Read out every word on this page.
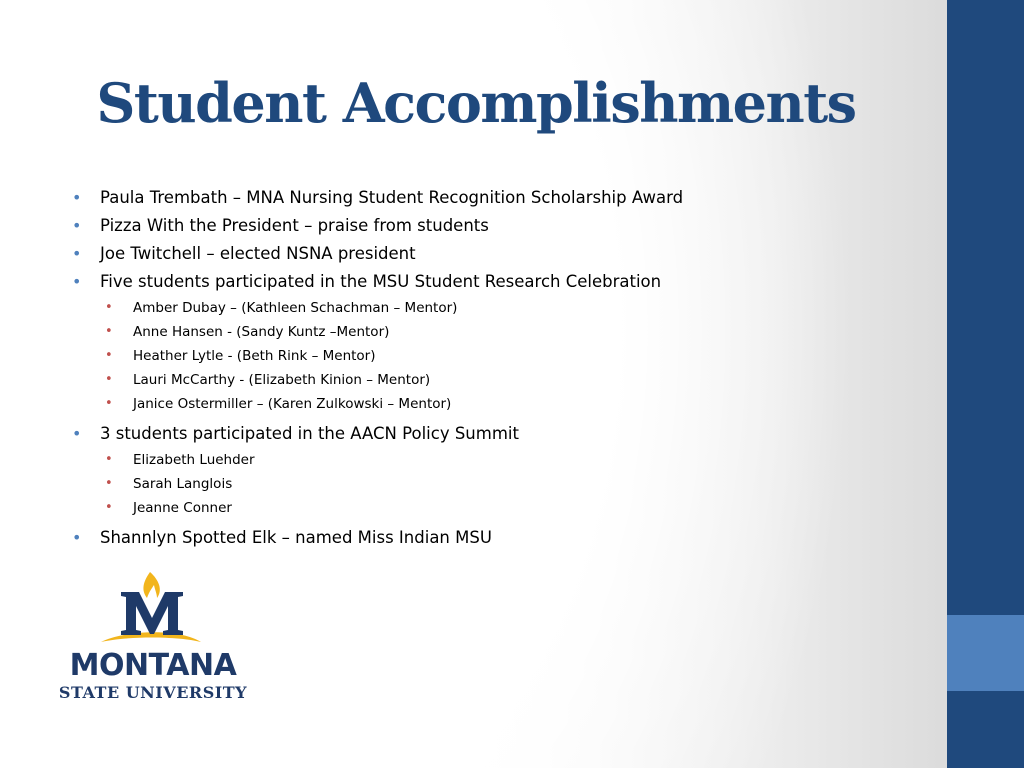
Student Accomplishments
• Paula Trembath – MNA Nursing Student Recognition Scholarship Award
• Pizza With the President – praise from students
• Joe Twitchell – elected NSNA president
• Five students participated in the MSU Student Research Celebration
• Amber Dubay – (Kathleen Schachman – Mentor)
• Anne Hansen - (Sandy Kuntz –Mentor)
• Heather Lytle - (Beth Rink – Mentor)
• Lauri McCarthy - (Elizabeth Kinion – Mentor)
• Janice Ostermiller – (Karen Zulkowski – Mentor)
• 3 students participated in the AACN Policy Summit
• Elizabeth Luehder
• Sarah Langlois
• Jeanne Conner
• Shannlyn Spotted Elk – named Miss Indian MSU
MONTANA
STATE UNIVERSITY
